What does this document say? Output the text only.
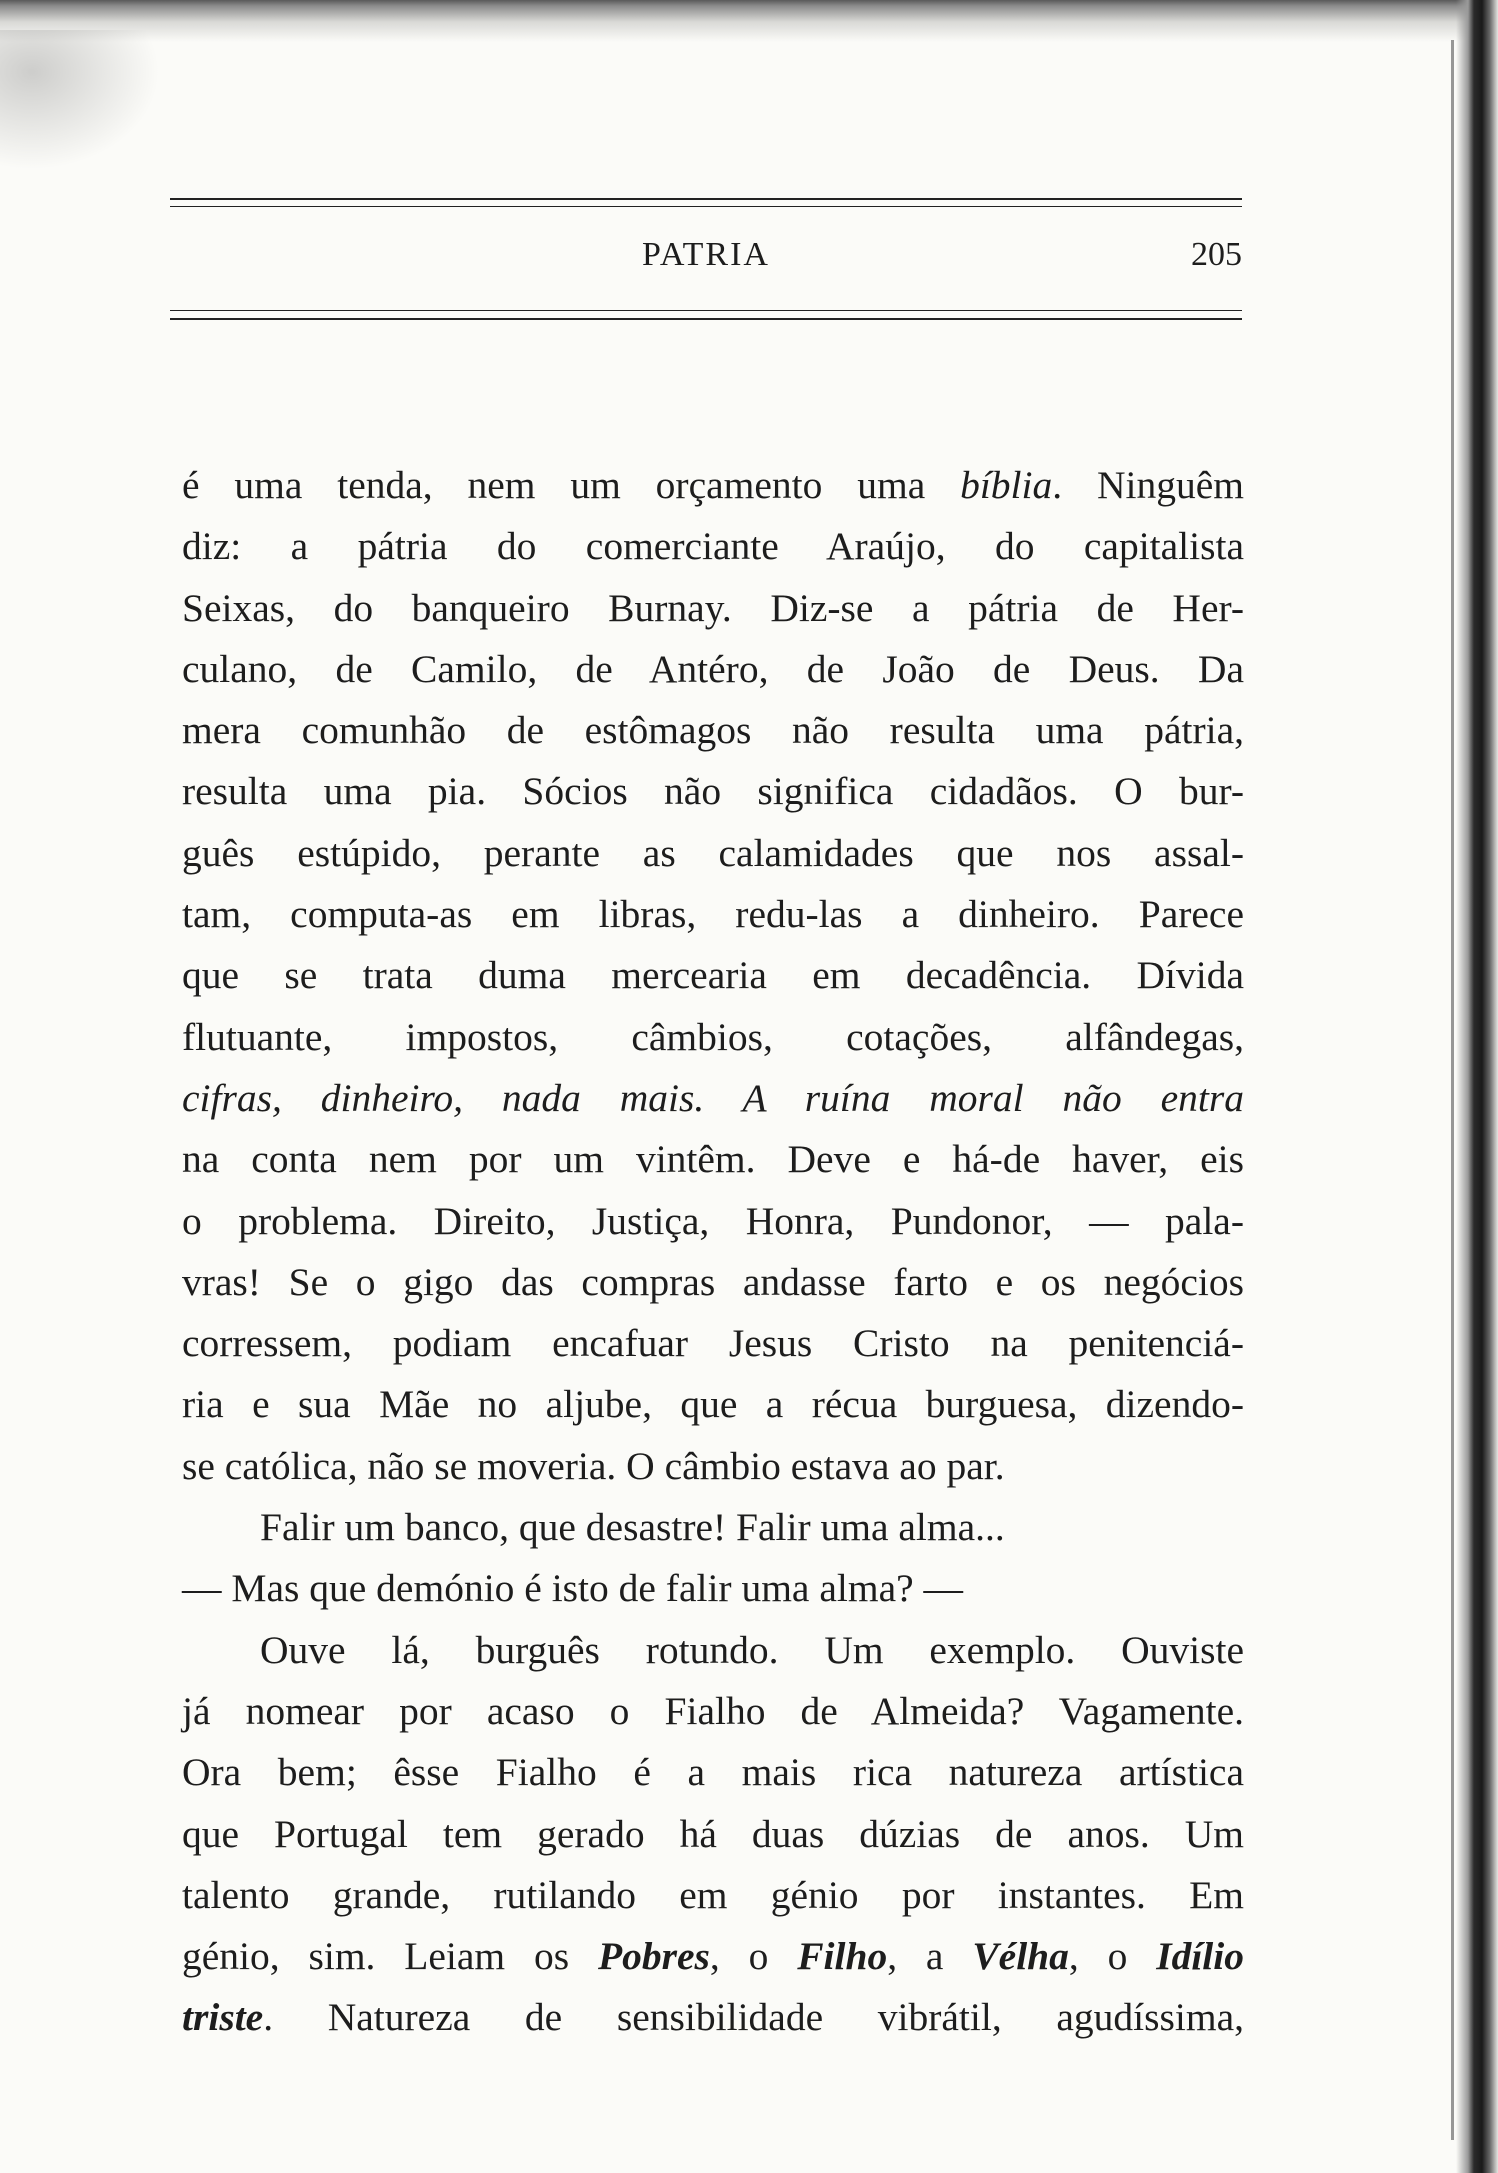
PATRIA	205
é uma tenda, nem um orçamento uma bíblia. Ninguêm
diz: a pátria do comerciante Araújo, do capitalista
Seixas, do banqueiro Burnay. Diz-se a pátria de Her-
culano, de Camilo, de Antéro, de João de Deus. Da
mera comunhão de estômagos não resulta uma pátria,
resulta uma pia. Sócios não significa cidadãos. O bur-
guês estúpido, perante as calamidades que nos assal-
tam, computa-as em libras, redu-las a dinheiro. Parece
que se trata duma mercearia em decadência. Dívida
flutuante, impostos, câmbios, cotações, alfândegas,
cifras, dinheiro, nada mais. A ruína moral não entra
na conta nem por um vintêm. Deve e há-de haver, eis
o problema. Direito, Justiça, Honra, Pundonor, — pala-
vras! Se o gigo das compras andasse farto e os negócios
corressem, podiam encafuar Jesus Cristo na penitenciá-
ria e sua Mãe no aljube, que a récua burguesa, dizendo-
se católica, não se moveria. O câmbio estava ao par.
Falir um banco, que desastre! Falir uma alma...
— Mas que demónio é isto de falir uma alma? —
Ouve lá, burguês rotundo. Um exemplo. Ouviste
já nomear por acaso o Fialho de Almeida? Vagamente.
Ora bem; êsse Fialho é a mais rica natureza artística
que Portugal tem gerado há duas dúzias de anos. Um
talento grande, rutilando em génio por instantes. Em
génio, sim. Leiam os Pobres, o Filho, a Vélha, o Idílio
triste. Natureza de sensibilidade vibrátil, agudíssima,
